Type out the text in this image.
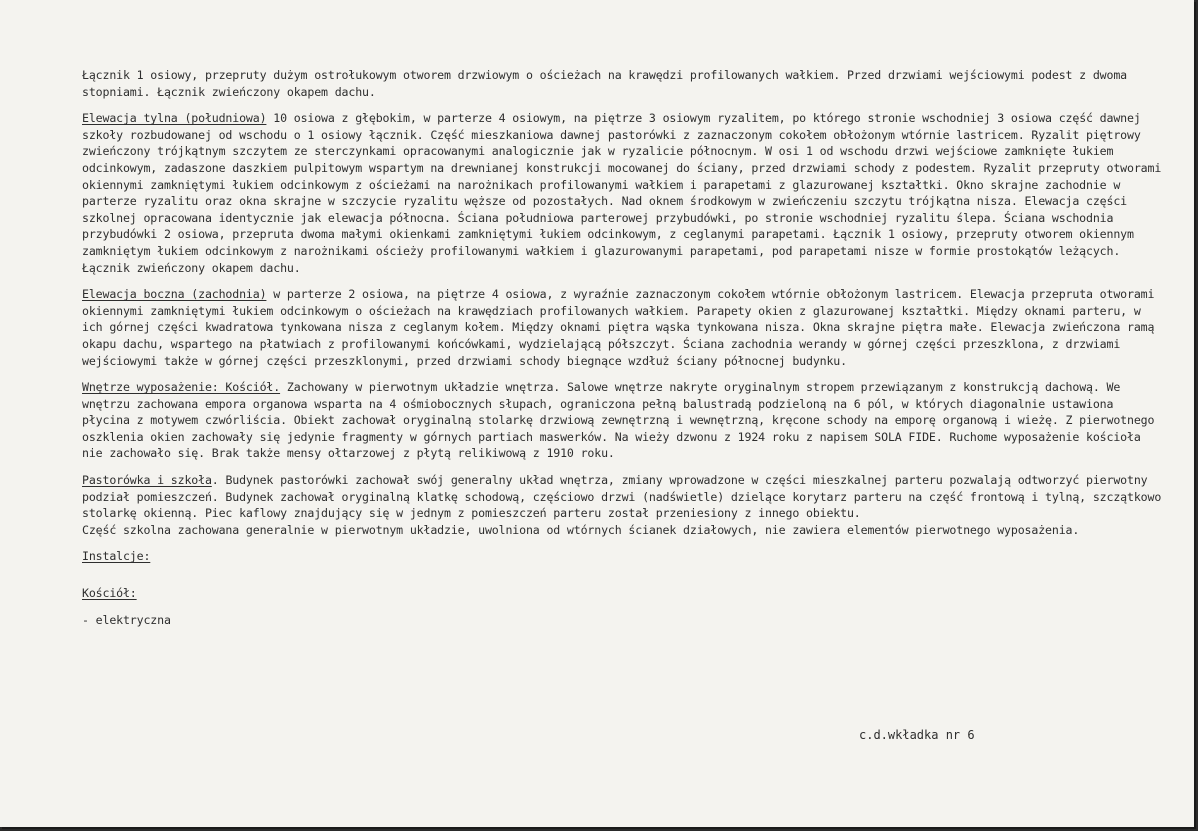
Łącznik 1 osiowy, przepruty dużym ostrołukowym otworem drzwiowym o ościeżach na krawędzi profilowanych wałkiem. Przed drzwiami wejściowymi podest z dwoma stopniami. Łącznik zwieńczony okapem dachu.

Elewacja tylna (południowa) 10 osiowa z głębokim, w parterze 4 osiowym, na piętrze 3 osiowym ryzalitem, po którego stronie wschodniej 3 osiowa część dawnej szkoły rozbudowanej od wschodu o 1 osiowy łącznik. Część mieszkaniowa dawnej pastorówki z zaznaczonym cokołem obłożonym wtórnie lastricem. Ryzalit piętrowy zwieńczony trójkątnym szczytem ze sterczynkami opracowanymi analogicznie jak w ryzalicie północnym. W osi 1 od wschodu drzwi wejściowe zamknięte łukiem odcinkowym, zadaszone daszkiem pulpitowym wspartym na drewnianej konstrukcji mocowanej do ściany, przed drzwiami schody z podestem. Ryzalit przepruty otworami okiennymi zamkniętymi łukiem odcinkowym z ościeżami na narożnikach profilowanymi wałkiem i parapetami z glazurowanej kształtki. Okno skrajne zachodnie w parterze ryzalitu oraz okna skrajne w szczycie ryzalitu węższe od pozostałych. Nad oknem środkowym w zwieńczeniu szczytu trójkątna nisza. Elewacja części szkolnej opracowana identycznie jak elewacja północna. Ściana południowa parterowej przybudówki, po stronie wschodniej ryzalitu ślepa. Ściana wschodnia przybudówki 2 osiowa, przepruta dwoma małymi okienkami zamkniętymi łukiem odcinkowym, z ceglanymi parapetami. Łącznik 1 osiowy, przepruty otworem okiennym zamkniętym łukiem odcinkowym z narożnikami ościeży profilowanymi wałkiem i glazurowanymi parapetami, pod parapetami nisze w formie prostokątów leżących. Łącznik zwieńczony okapem dachu.

Elewacja boczna (zachodnia) w parterze 2 osiowa, na piętrze 4 osiowa, z wyraźnie zaznaczonym cokołem wtórnie obłożonym lastricem. Elewacja przepruta otworami okiennymi zamkniętymi łukiem odcinkowym o ościeżach na krawędziach profilowanych wałkiem. Parapety okien z glazurowanej kształtki. Między oknami parteru, w ich górnej części kwadratowa tynkowana nisza z ceglanym kołem. Między oknami piętra wąska tynkowana nisza. Okna skrajne piętra małe. Elewacja zwieńczona ramą okapu dachu, wspartego na płatwiach z profilowanymi końcówkami, wydzielającą półszczyt. Ściana zachodnia werandy w górnej części przeszklona, z drzwiami wejściowymi także w górnej części przeszklonymi, przed drzwiami schody biegnące wzdłuż ściany północnej budynku.

Wnętrze wyposażenie: Kościół. Zachowany w pierwotnym układzie wnętrza. Salowe wnętrze nakryte oryginalnym stropem przewiązanym z konstrukcją dachową. We wnętrzu zachowana empora organowa wsparta na 4 ośmiobocznych słupach, ograniczona pełną balustradą podzieloną na 6 pól, w których diagonalnie ustawiona płycina z motywem czwórliścia. Obiekt zachował oryginalną stolarkę drzwiową zewnętrzną i wewnętrzną, kręcone schody na emporę organową i wieżę. Z pierwotnego oszklenia okien zachowały się jedynie fragmenty w górnych partiach maswerków. Na wieży dzwonu z 1924 roku z napisem SOLA FIDE. Ruchome wyposażenie kościoła nie zachowało się. Brak także mensy ołtarzowej z płytą relikiwową z 1910 roku.

Pastorówka i szkoła. Budynek pastorówki zachował swój generalny układ wnętrza, zmiany wprowadzone w części mieszkalnej parteru pozwalają odtworzyć pierwotny podział pomieszczeń. Budynek zachował oryginalną klatkę schodową, częściowo drzwi (nadświetle) dzielące korytarz parteru na część frontową i tylną, szczątkowo stolarkę okienną. Piec kaflowy znajdujący się w jednym z pomieszczeń parteru został przeniesiony z innego obiektu.

Część szkolna zachowana generalnie w pierwotnym układzie, uwolniona od wtórnych ścianek działowych, nie zawiera elementów pierwotnego wyposażenia.

Instalcje:

Kościół:

- elektryczna

c.d.wkładka nr 6
